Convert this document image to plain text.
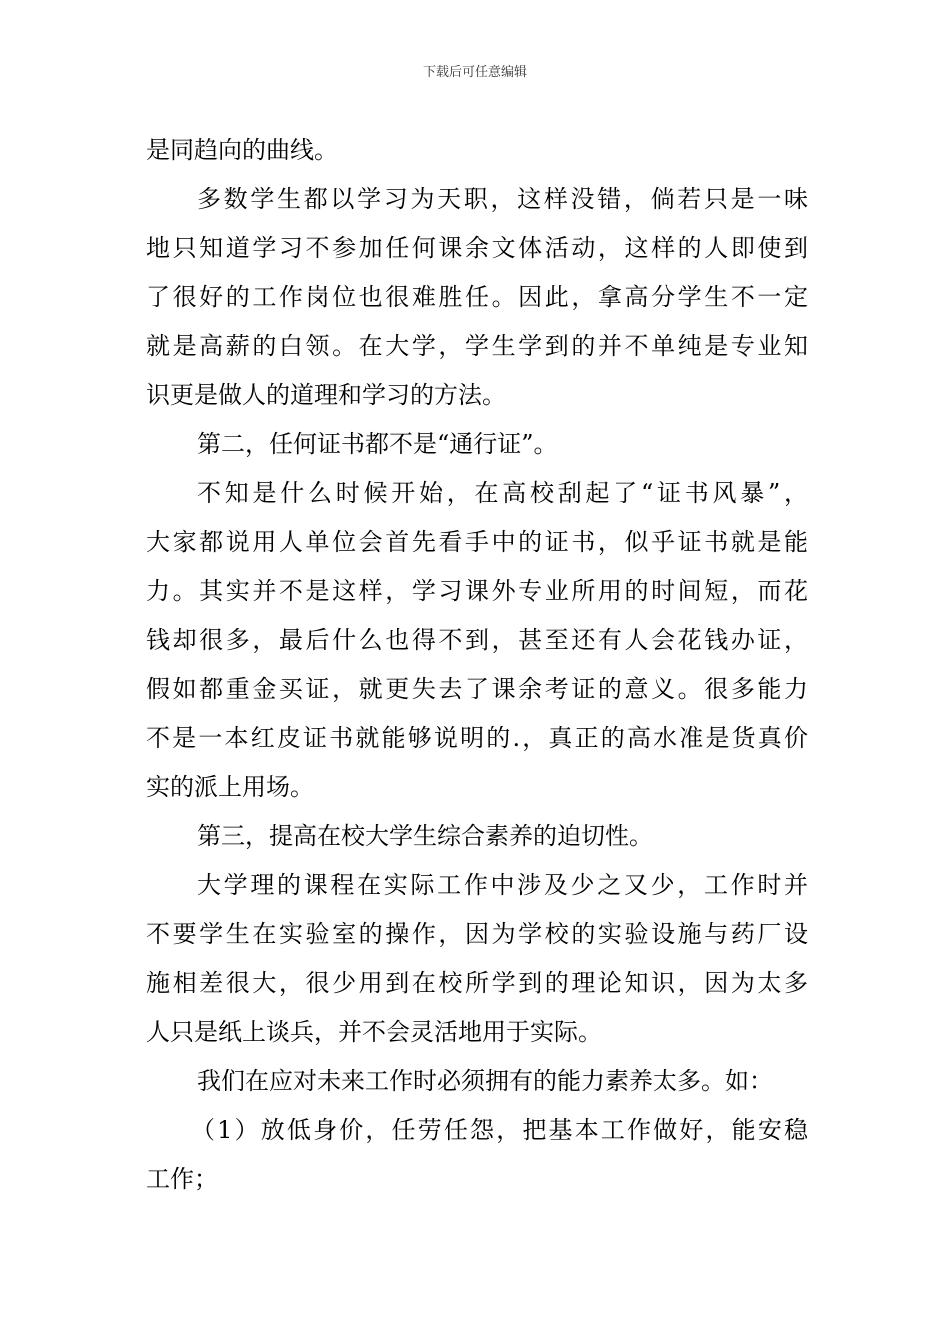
下载后可任意编辑
是同趋向的曲线。
多数学生都以学习为天职，这样没错，倘若只是一味
地只知道学习不参加任何课余文体活动，这样的人即使到
了很好的工作岗位也很难胜任。因此，拿高分学生不一定
就是高薪的白领。在大学，学生学到的并不单纯是专业知
识更是做人的道理和学习的方法。
第二，任何证书都不是“通行证”。
不知是什么时候开始，在高校刮起了“证书风暴”，
大家都说用人单位会首先看手中的证书，似乎证书就是能
力。其实并不是这样，学习课外专业所用的时间短，而花
钱却很多，最后什么也得不到，甚至还有人会花钱办证，
假如都重金买证，就更失去了课余考证的意义。很多能力
不是一本红皮证书就能够说明的.，真正的高水准是货真价
实的派上用场。
第三，提高在校大学生综合素养的迫切性。
大学理的课程在实际工作中涉及少之又少，工作时并
不要学生在实验室的操作，因为学校的实验设施与药厂设
施相差很大，很少用到在校所学到的理论知识，因为太多
人只是纸上谈兵，并不会灵活地用于实际。
我们在应对未来工作时必须拥有的能力素养太多。如：
（1）放低身价，任劳任怨，把基本工作做好，能安稳
工作；
